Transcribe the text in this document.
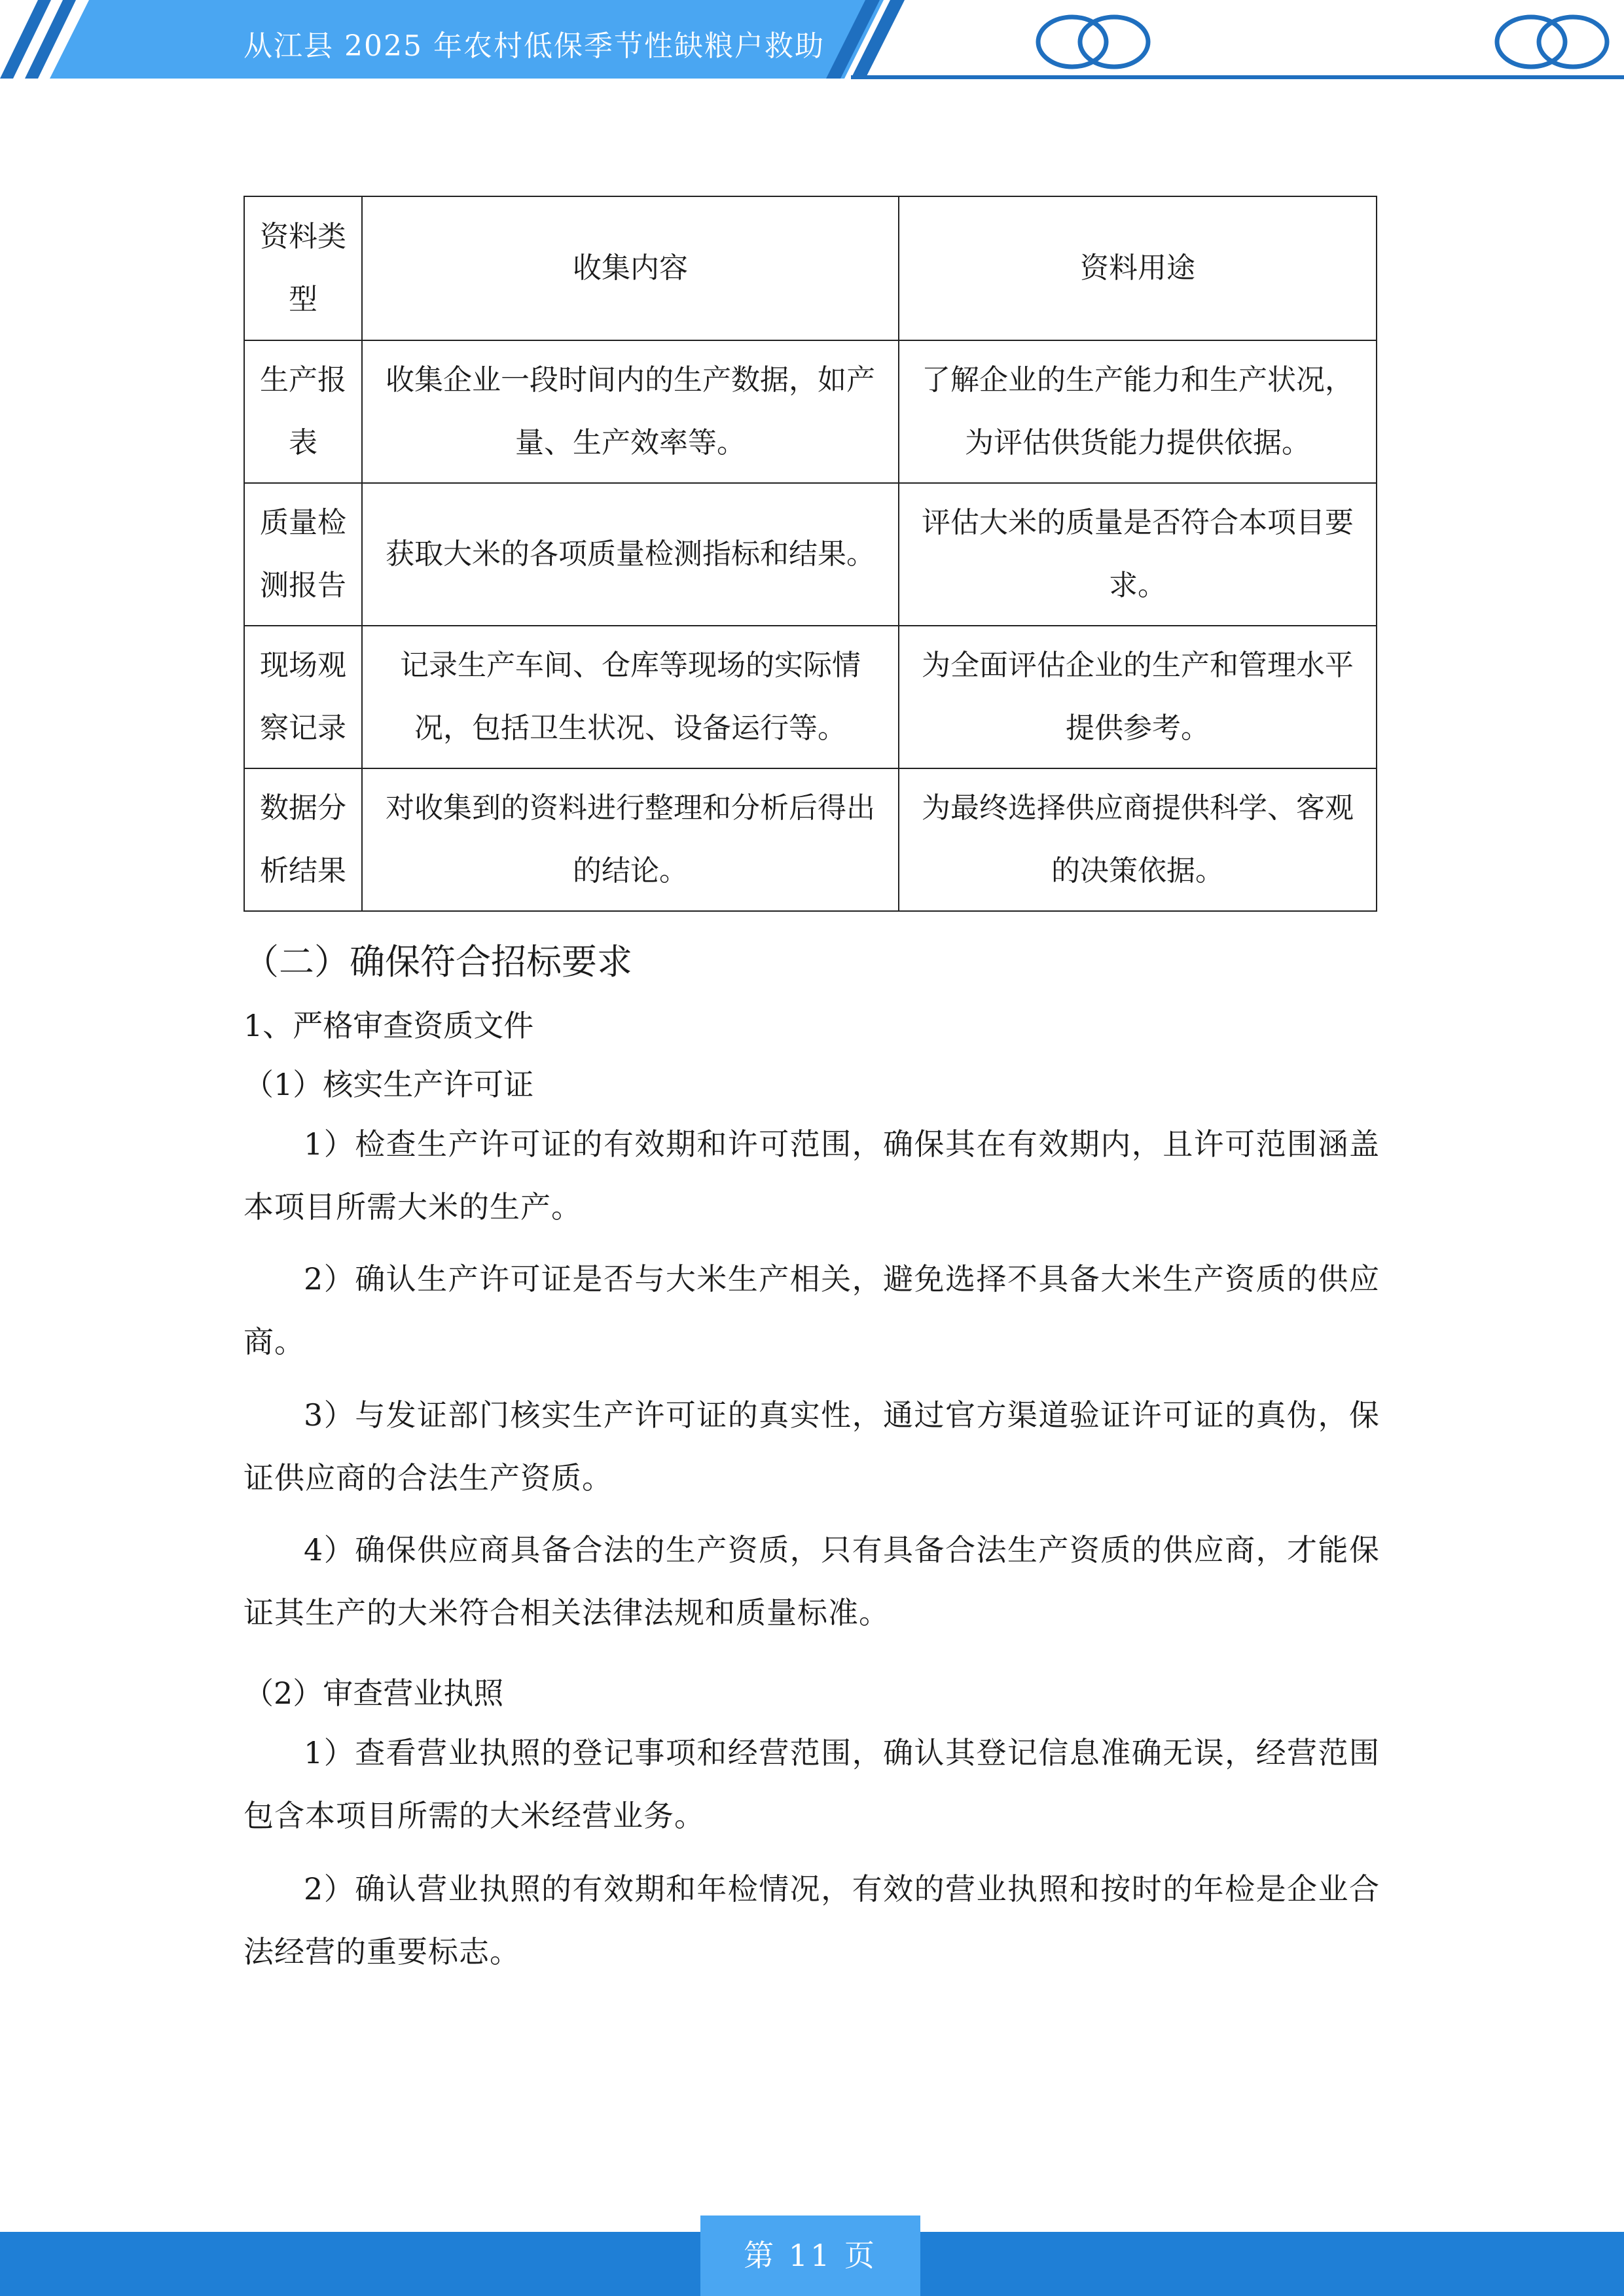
从江县 2025 年农村低保季节性缺粮户救助
资料类型	收集内容	资料用途
生产报表	收集企业一段时间内的生产数据，如产量、生产效率等。	了解企业的生产能力和生产状况，为评估供货能力提供依据。
质量检测报告	获取大米的各项质量检测指标和结果。	评估大米的质量是否符合本项目要求。
现场观察记录	记录生产车间、仓库等现场的实际情况，包括卫生状况、设备运行等。	为全面评估企业的生产和管理水平提供参考。
数据分析结果	对收集到的资料进行整理和分析后得出的结论。	为最终选择供应商提供科学、客观的决策依据。
（二）确保符合招标要求
1、严格审查资质文件
（1）核实生产许可证

1）检查生产许可证的有效期和许可范围，确保其在有效期内，且许可范围涵盖本项目所需大米的生产。

2）确认生产许可证是否与大米生产相关，避免选择不具备大米生产资质的供应商。

3）与发证部门核实生产许可证的真实性，通过官方渠道验证许可证的真伪，保证供应商的合法生产资质。

4）确保供应商具备合法的生产资质，只有具备合法生产资质的供应商，才能保证其生产的大米符合相关法律法规和质量标准。

（2）审查营业执照

1）查看营业执照的登记事项和经营范围，确认其登记信息准确无误，经营范围包含本项目所需的大米经营业务。

2）确认营业执照的有效期和年检情况，有效的营业执照和按时的年检是企业合法经营的重要标志。

第 11 页
